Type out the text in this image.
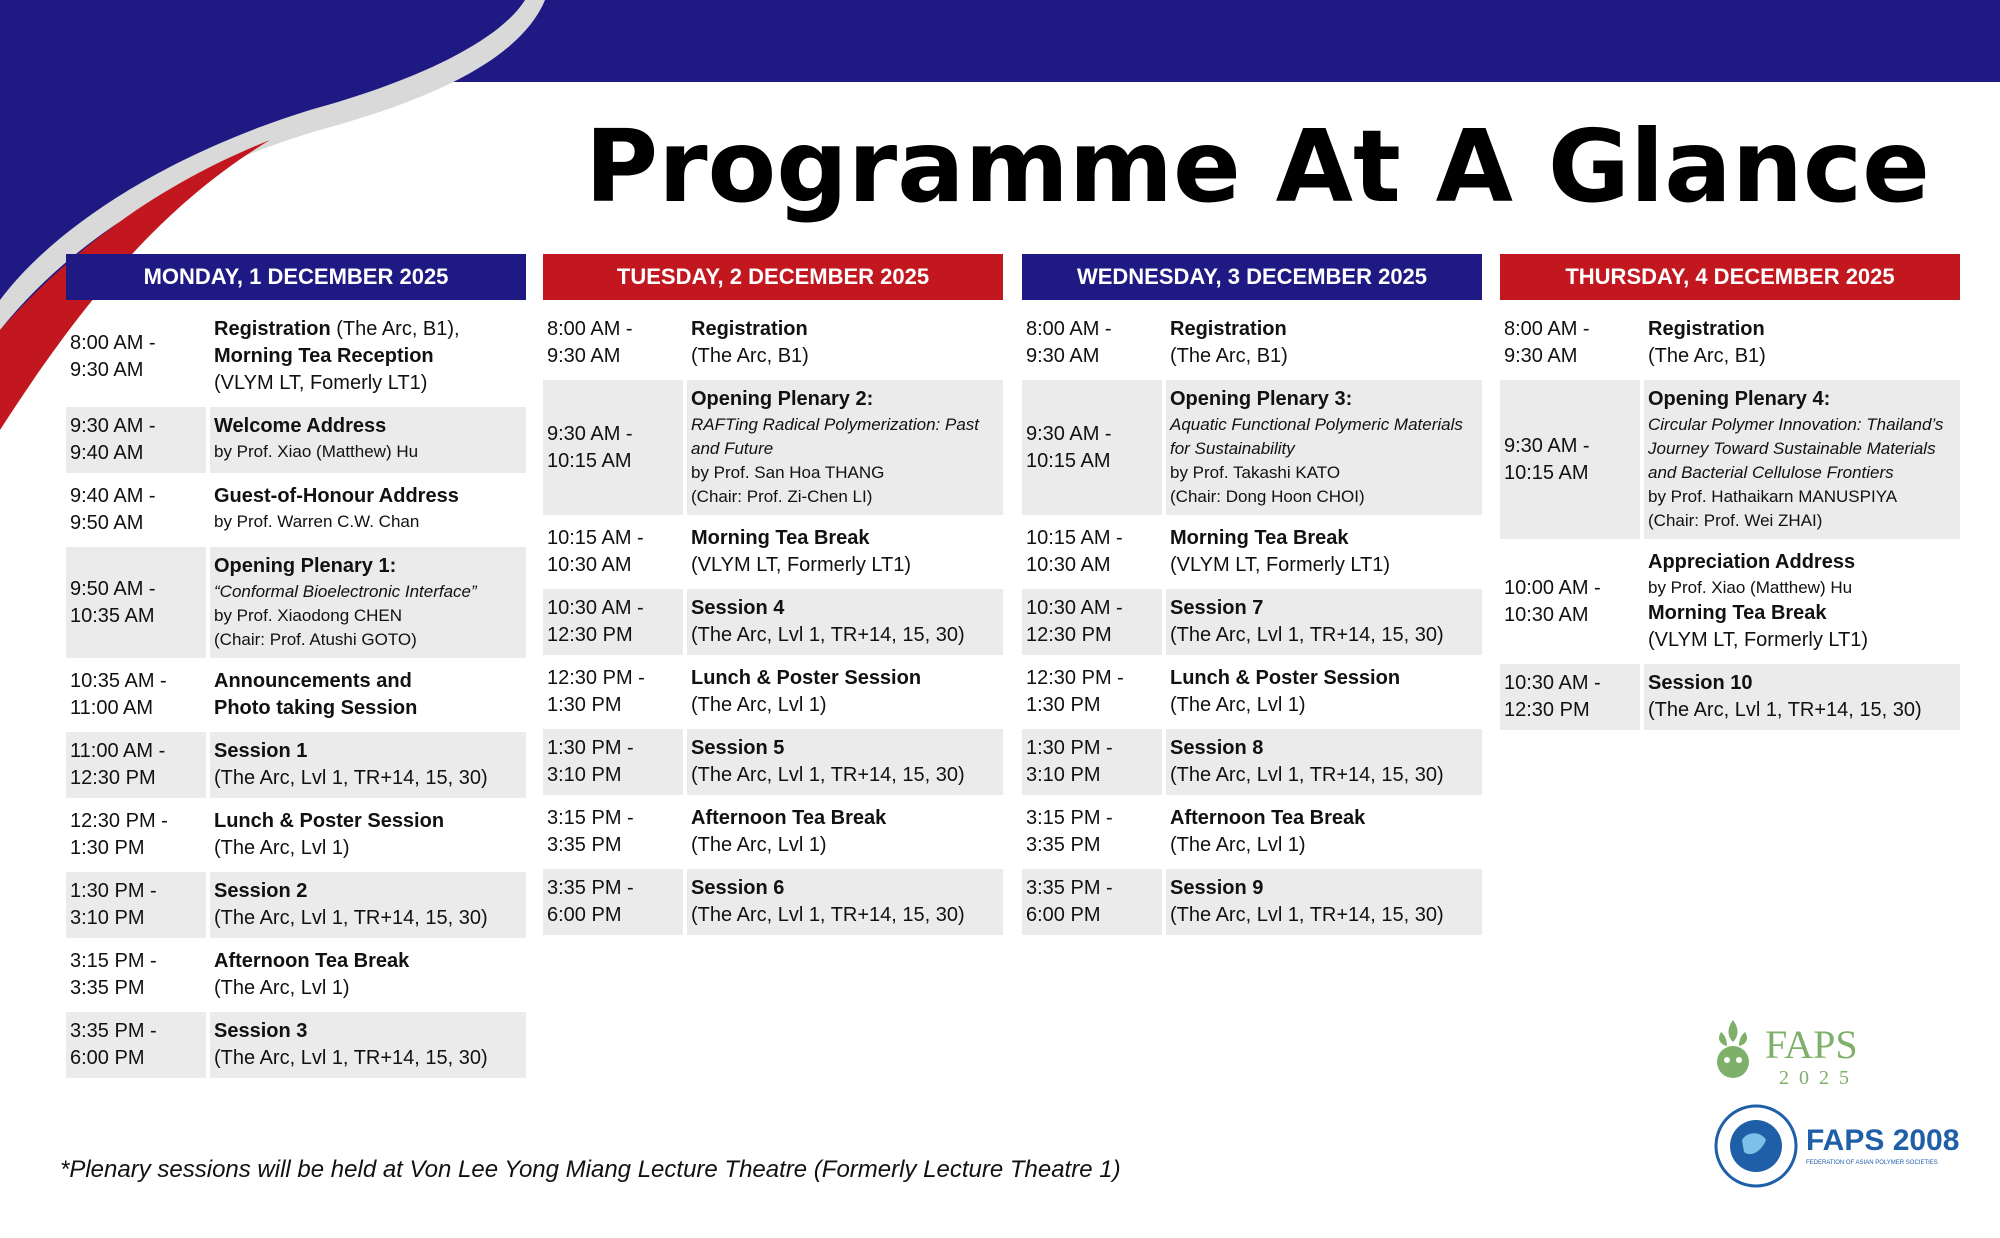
Programme At A Glance
MONDAY, 1 DECEMBER 2025
8:00 AM -
9:30 AM
Registration (The Arc, B1),
Morning Tea Reception
(VLYM LT, Fomerly LT1)
9:30 AM -
9:40 AM
Welcome Address
by Prof. Xiao (Matthew) Hu
9:40 AM -
9:50 AM
Guest-of-Honour Address
by Prof. Warren C.W. Chan
9:50 AM -
10:35 AM
Opening Plenary 1:
“Conformal Bioelectronic Interface”
by Prof. Xiaodong CHEN
(Chair: Prof. Atushi GOTO)
10:35 AM -
11:00 AM
Announcements and
Photo taking Session
11:00 AM -
12:30 PM
Session 1
(The Arc, Lvl 1, TR+14, 15, 30)
12:30 PM -
1:30 PM
Lunch & Poster Session
(The Arc, Lvl 1)
1:30 PM -
3:10 PM
Session 2
(The Arc, Lvl 1, TR+14, 15, 30)
3:15 PM -
3:35 PM
Afternoon Tea Break
(The Arc, Lvl 1)
3:35 PM -
6:00 PM
Session 3
(The Arc, Lvl 1, TR+14, 15, 30)
TUESDAY, 2 DECEMBER 2025
8:00 AM -
9:30 AM
Registration
(The Arc, B1)
9:30 AM -
10:15 AM
Opening Plenary 2:
RAFTing Radical Polymerization: Past and Future
by Prof. San Hoa THANG
(Chair: Prof. Zi-Chen LI)
10:15 AM -
10:30 AM
Morning Tea Break
(VLYM LT, Formerly LT1)
10:30 AM -
12:30 PM
Session 4
(The Arc, Lvl 1, TR+14, 15, 30)
12:30 PM -
1:30 PM
Lunch & Poster Session
(The Arc, Lvl 1)
1:30 PM -
3:10 PM
Session 5
(The Arc, Lvl 1, TR+14, 15, 30)
3:15 PM -
3:35 PM
Afternoon Tea Break
(The Arc, Lvl 1)
3:35 PM -
6:00 PM
Session 6
(The Arc, Lvl 1, TR+14, 15, 30)
WEDNESDAY, 3 DECEMBER 2025
8:00 AM -
9:30 AM
Registration
(The Arc, B1)
9:30 AM -
10:15 AM
Opening Plenary 3:
Aquatic Functional Polymeric Materials for Sustainability
by Prof. Takashi KATO
(Chair: Dong Hoon CHOI)
10:15 AM -
10:30 AM
Morning Tea Break
(VLYM LT, Formerly LT1)
10:30 AM -
12:30 PM
Session 7
(The Arc, Lvl 1, TR+14, 15, 30)
12:30 PM -
1:30 PM
Lunch & Poster Session
(The Arc, Lvl 1)
1:30 PM -
3:10 PM
Session 8
(The Arc, Lvl 1, TR+14, 15, 30)
3:15 PM -
3:35 PM
Afternoon Tea Break
(The Arc, Lvl 1)
3:35 PM -
6:00 PM
Session 9
(The Arc, Lvl 1, TR+14, 15, 30)
THURSDAY, 4 DECEMBER 2025
8:00 AM -
9:30 AM
Registration
(The Arc, B1)
9:30 AM -
10:15 AM
Opening Plenary 4:
Circular Polymer Innovation: Thailand’s Journey Toward Sustainable Materials and Bacterial Cellulose Frontiers
by Prof. Hathaikarn MANUSPIYA
(Chair: Prof. Wei ZHAI)
10:00 AM -
10:30 AM
Appreciation Address
by Prof. Xiao (Matthew) Hu
Morning Tea Break
(VLYM LT, Formerly LT1)
10:30 AM -
12:30 PM
Session 10
(The Arc, Lvl 1, TR+14, 15, 30)
*Plenary sessions will be held at Von Lee Yong Miang Lecture Theatre (Formerly Lecture Theatre 1)
FAPS
2025
FAPS 2008
FEDERATION OF ASIAN POLYMER SOCIETIES
